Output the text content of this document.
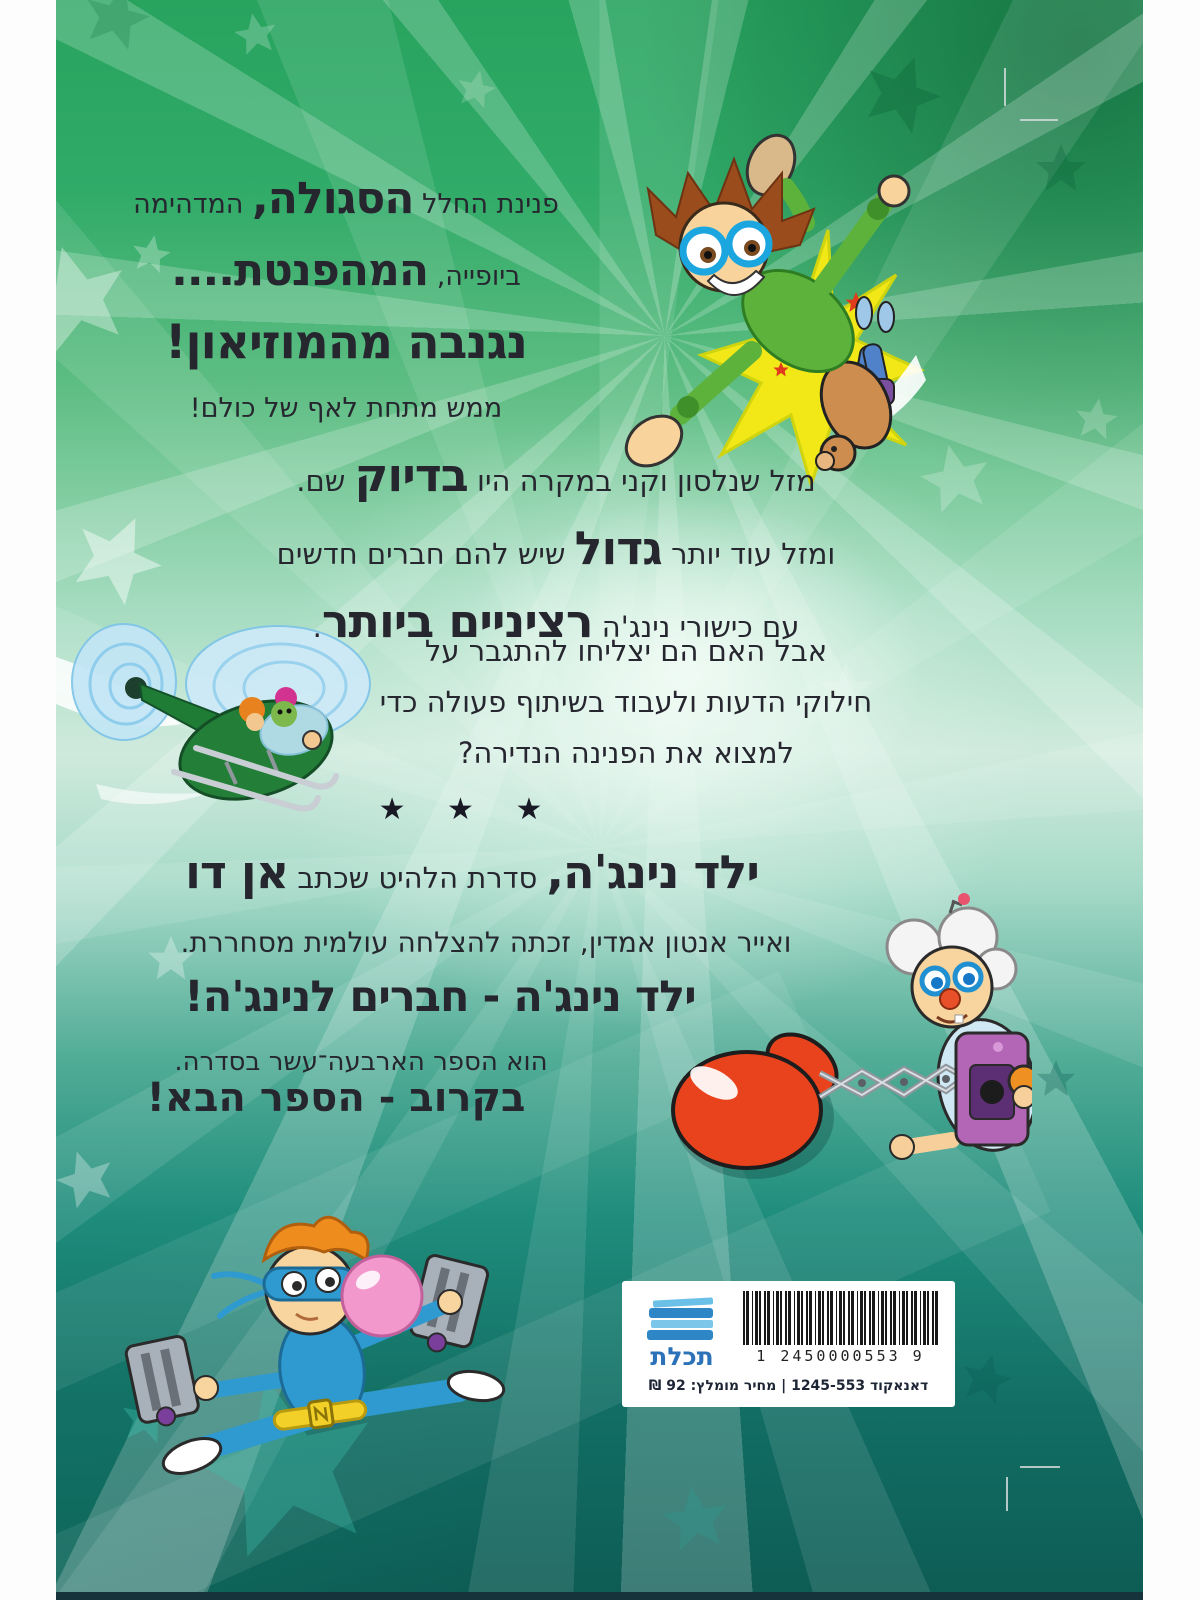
פנינת החלל הסגולה, המדהימה
ביופייה, המהפנטת....
נגנבה מהמוזיאון!
ממש מתחת לאף של כולם!
מזל שנלסון וקני במקרה היו בדיוק שם.
ומזל עוד יותר גדול שיש להם חברים חדשים
עם כישורי נינג'ה רציניים ביותר.
אבל האם הם יצליחו להתגבר על
חילוקי הדעות ולעבוד בשיתוף פעולה כדי
למצוא את הפנינה הנדירה?
★ ★ ★
ילד נינג'ה, סדרת הלהיט שכתב אן דו
ואייר אנטון אמדין, זכתה להצלחה עולמית מסחררת.
ילד נינג'ה - חברים לנינג'ה!
הוא הספר הארבעה־עשר בסדרה.
בקרוב - הספר הבא!
תכלת	1 2450000553 9
דאנאקוד 1245-553 | מחיר מומלץ: 92 ₪
